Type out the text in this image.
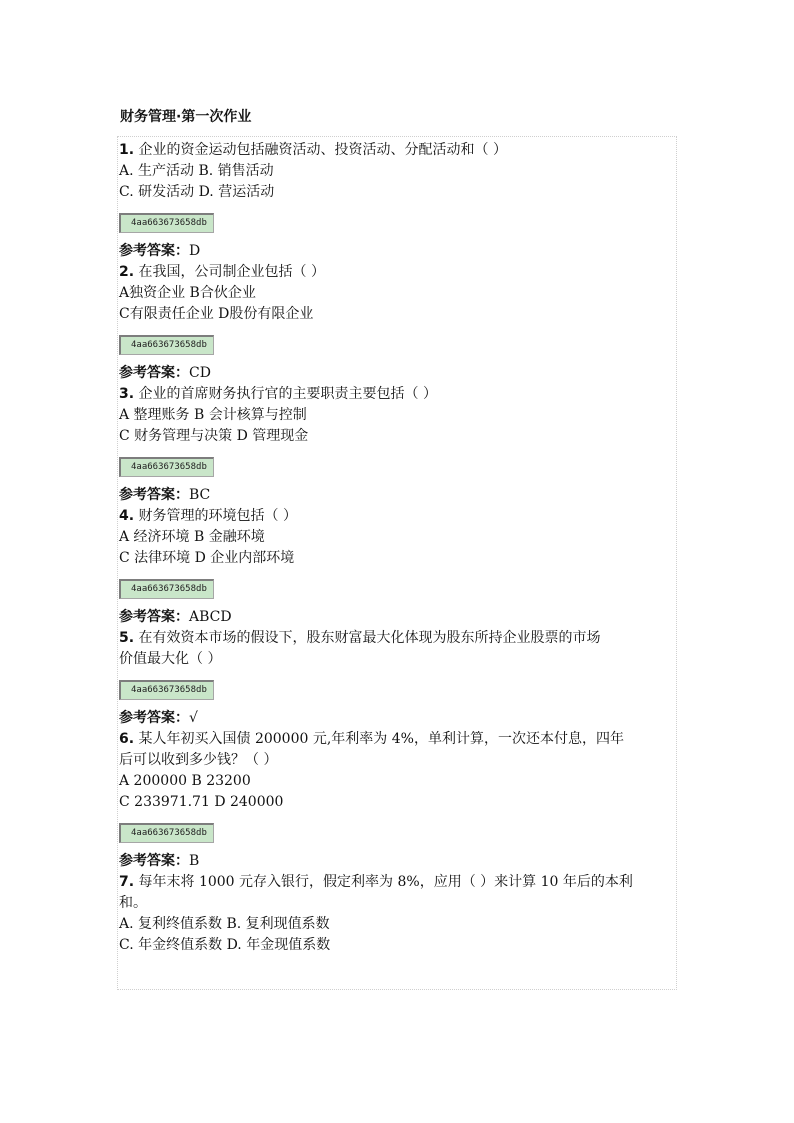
财务管理·第一次作业
1. 企业的资金运动包括融资活动、投资活动、分配活动和（ ）
A. 生产活动 B. 销售活动
C. 研发活动 D. 营运活动
4aa663673658db
参考答案：D
2. 在我国，公司制企业包括（ ）
A独资企业 B合伙企业
C有限责任企业 D股份有限企业
4aa663673658db
参考答案：CD
3. 企业的首席财务执行官的主要职责主要包括（ ）
A 整理账务 B 会计核算与控制
C 财务管理与决策 D 管理现金
4aa663673658db
参考答案：BC
4. 财务管理的环境包括（ ）
A 经济环境 B 金融环境
C 法律环境 D 企业内部环境
4aa663673658db
参考答案：ABCD
5. 在有效资本市场的假设下，股东财富最大化体现为股东所持企业股票的市场
价值最大化（ ）
4aa663673658db
参考答案：√
6. 某人年初买入国债 200000 元,年利率为 4%，单利计算，一次还本付息，四年
后可以收到多少钱？（ ）
A 200000 B 23200
C 233971.71 D 240000
4aa663673658db
参考答案：B
7. 每年末将 1000 元存入银行，假定利率为 8%，应用（ ）来计算 10 年后的本利
和。
A. 复利终值系数 B. 复利现值系数
C. 年金终值系数 D. 年金现值系数
